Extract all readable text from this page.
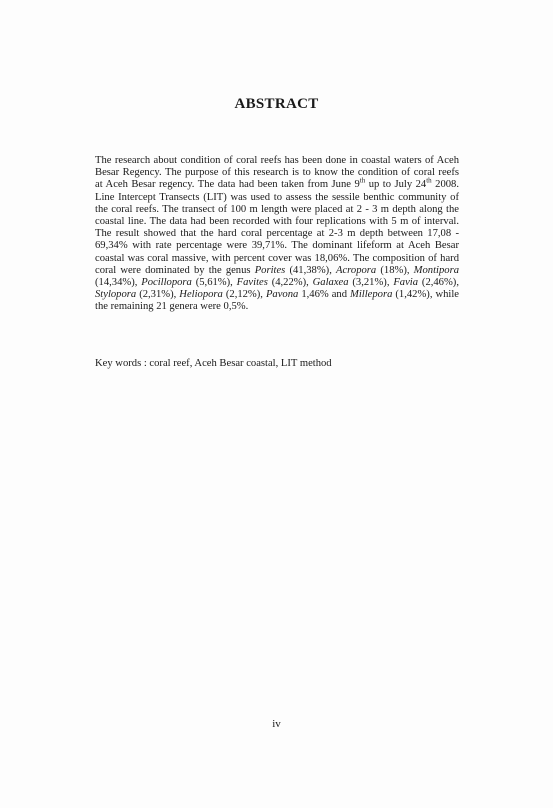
ABSTRACT
The research about condition of coral reefs has been done in coastal waters of Aceh
Besar Regency. The purpose of this research is to know the condition of coral reefs
at Aceh Besar regency. The data had been taken from June 9th up to July 24th 2008.
Line Intercept Transects (LIT) was used to assess the sessile benthic community of
the coral reefs. The transect of 100 m length were placed at 2 - 3 m depth along the
coastal line. The data had been recorded with four replications with 5 m of interval.
The result showed that the hard coral percentage at 2-3 m depth between 17,08 -
69,34% with rate percentage were 39,71%. The dominant lifeform at Aceh Besar
coastal was coral massive, with percent cover was 18,06%. The composition of hard
coral were dominated by the genus Porites (41,38%), Acropora (18%), Montipora
(14,34%), Pocillopora (5,61%), Favites (4,22%), Galaxea (3,21%), Favia (2,46%),
Stylopora (2,31%), Heliopora (2,12%), Pavona 1,46% and Millepora (1,42%), while
the remaining 21 genera were 0,5%.

Key words : coral reef, Aceh Besar coastal, LIT method

iv
